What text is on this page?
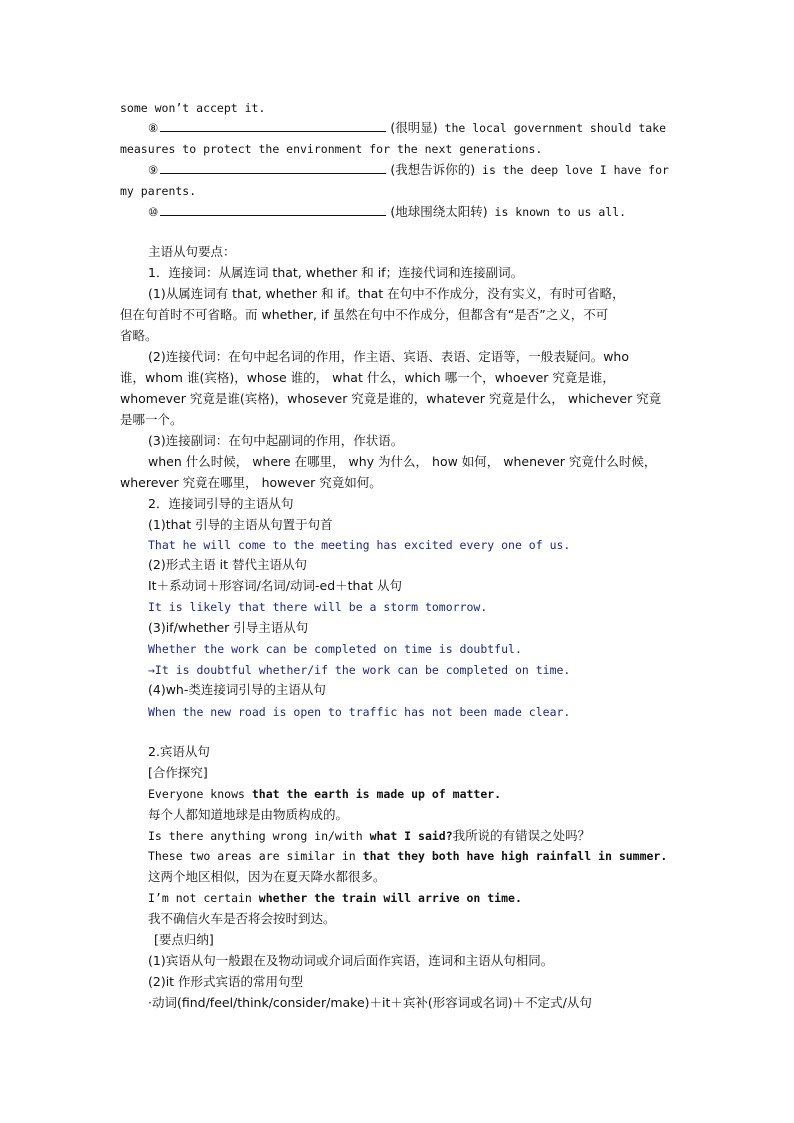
some won’t accept it.
⑧	(很明显) the local government should take
measures to protect the environment for the next generations.
⑨	(我想告诉你的) is the deep love I have for
my parents.
⑩	(地球围绕太阳转) is known to us all.
主语从句要点：
1．连接词：从属连词 that, whether 和 if；连接代词和连接副词。
(1)从属连词有 that, whether 和 if。that 在句中不作成分，没有实义，有时可省略，
但在句首时不可省略。而 whether, if 虽然在句中不作成分，但都含有“是否”之义，不可
省略。
(2)连接代词：在句中起名词的作用，作主语、宾语、表语、定语等，一般表疑问。who
谁，whom 谁(宾格)，whose 谁的， what 什么，which 哪一个，whoever 究竟是谁，
whomever 究竟是谁(宾格)，whosever 究竟是谁的，whatever 究竟是什么， whichever 究竟
是哪一个。
(3)连接副词：在句中起副词的作用，作状语。
when 什么时候， where 在哪里， why 为什么， how 如何， whenever 究竟什么时候，
wherever 究竟在哪里， however 究竟如何。
2．连接词引导的主语从句
(1)that 引导的主语从句置于句首
That he will come to the meeting has excited every one of us.
(2)形式主语 it 替代主语从句
It＋系动词＋形容词/名词/动词-ed＋that 从句
It is likely that there will be a storm tomorrow.
(3)if/whether 引导主语从句
Whether the work can be completed on time is doubtful.
→It is doubtful whether/if the work can be completed on time.
(4)wh-类连接词引导的主语从句
When the new road is open to traffic has not been made clear.
2.宾语从句
[合作探究]
Everyone knows that the earth is made up of matter.
每个人都知道地球是由物质构成的。
Is there anything wrong in/with what I said?我所说的有错误之处吗？
These two areas are similar in that they both have high rainfall in summer.
这两个地区相似，因为在夏天降水都很多。
I’m not certain whether the train will arrive on time.
我不确信火车是否将会按时到达。
[要点归纳]
(1)宾语从句一般跟在及物动词或介词后面作宾语，连词和主语从句相同。
(2)it 作形式宾语的常用句型
·动词(find/feel/think/consider/make)＋it＋宾补(形容词或名词)＋不定式/从句
